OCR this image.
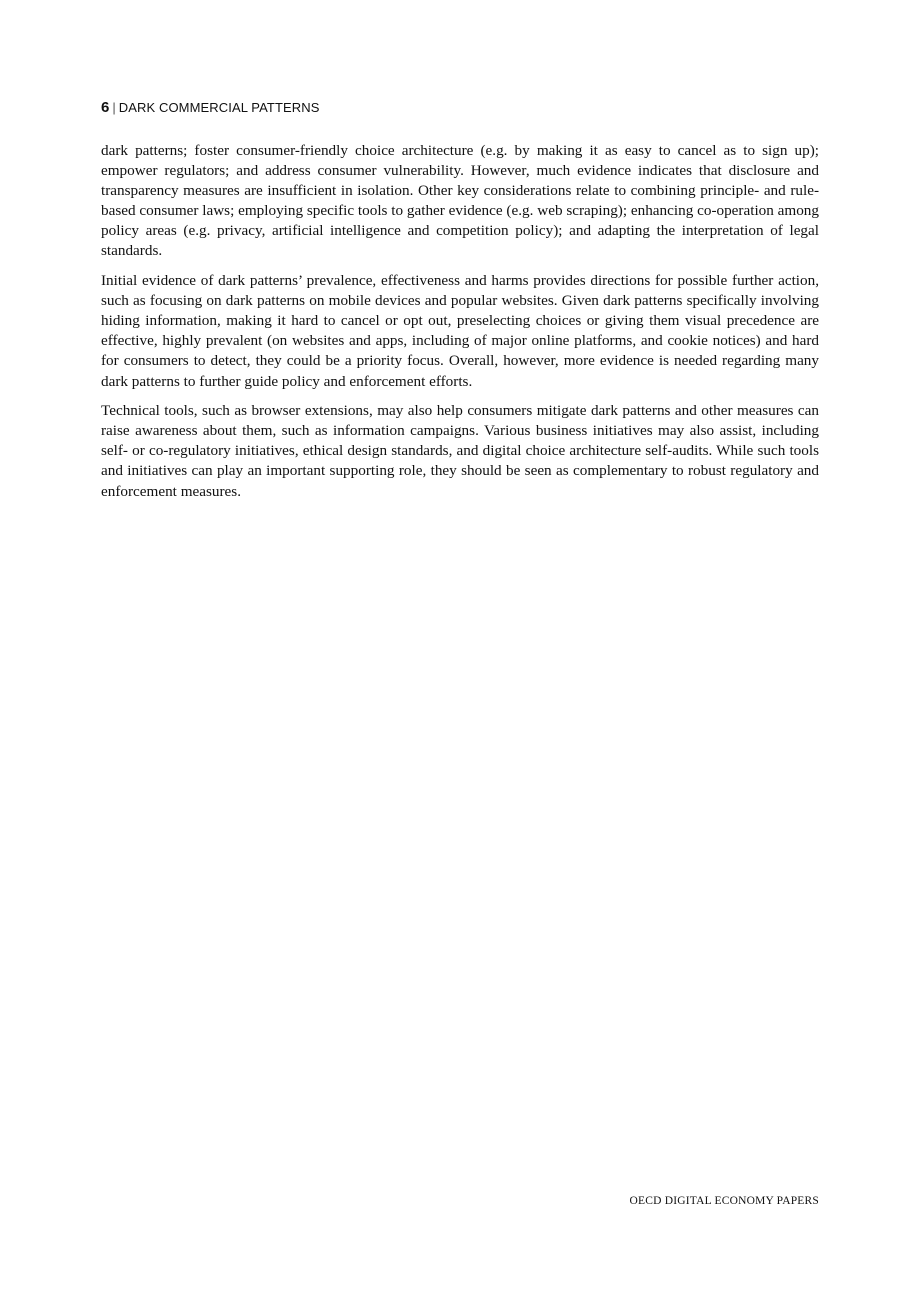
6 | DARK COMMERCIAL PATTERNS

dark patterns; foster consumer-friendly choice architecture (e.g. by making it as easy to cancel as to sign up); empower regulators; and address consumer vulnerability. However, much evidence indicates that disclosure and transparency measures are insufficient in isolation. Other key considerations relate to combining principle- and rule-based consumer laws; employing specific tools to gather evidence (e.g. web scraping); enhancing co-operation among policy areas (e.g. privacy, artificial intelligence and competition policy); and adapting the interpretation of legal standards.

Initial evidence of dark patterns’ prevalence, effectiveness and harms provides directions for possible further action, such as focusing on dark patterns on mobile devices and popular websites. Given dark patterns specifically involving hiding information, making it hard to cancel or opt out, preselecting choices or giving them visual precedence are effective, highly prevalent (on websites and apps, including of major online platforms, and cookie notices) and hard for consumers to detect, they could be a priority focus. Overall, however, more evidence is needed regarding many dark patterns to further guide policy and enforcement efforts.

Technical tools, such as browser extensions, may also help consumers mitigate dark patterns and other measures can raise awareness about them, such as information campaigns. Various business initiatives may also assist, including self- or co-regulatory initiatives, ethical design standards, and digital choice architecture self-audits. While such tools and initiatives can play an important supporting role, they should be seen as complementary to robust regulatory and enforcement measures.

OECD DIGITAL ECONOMY PAPERS
